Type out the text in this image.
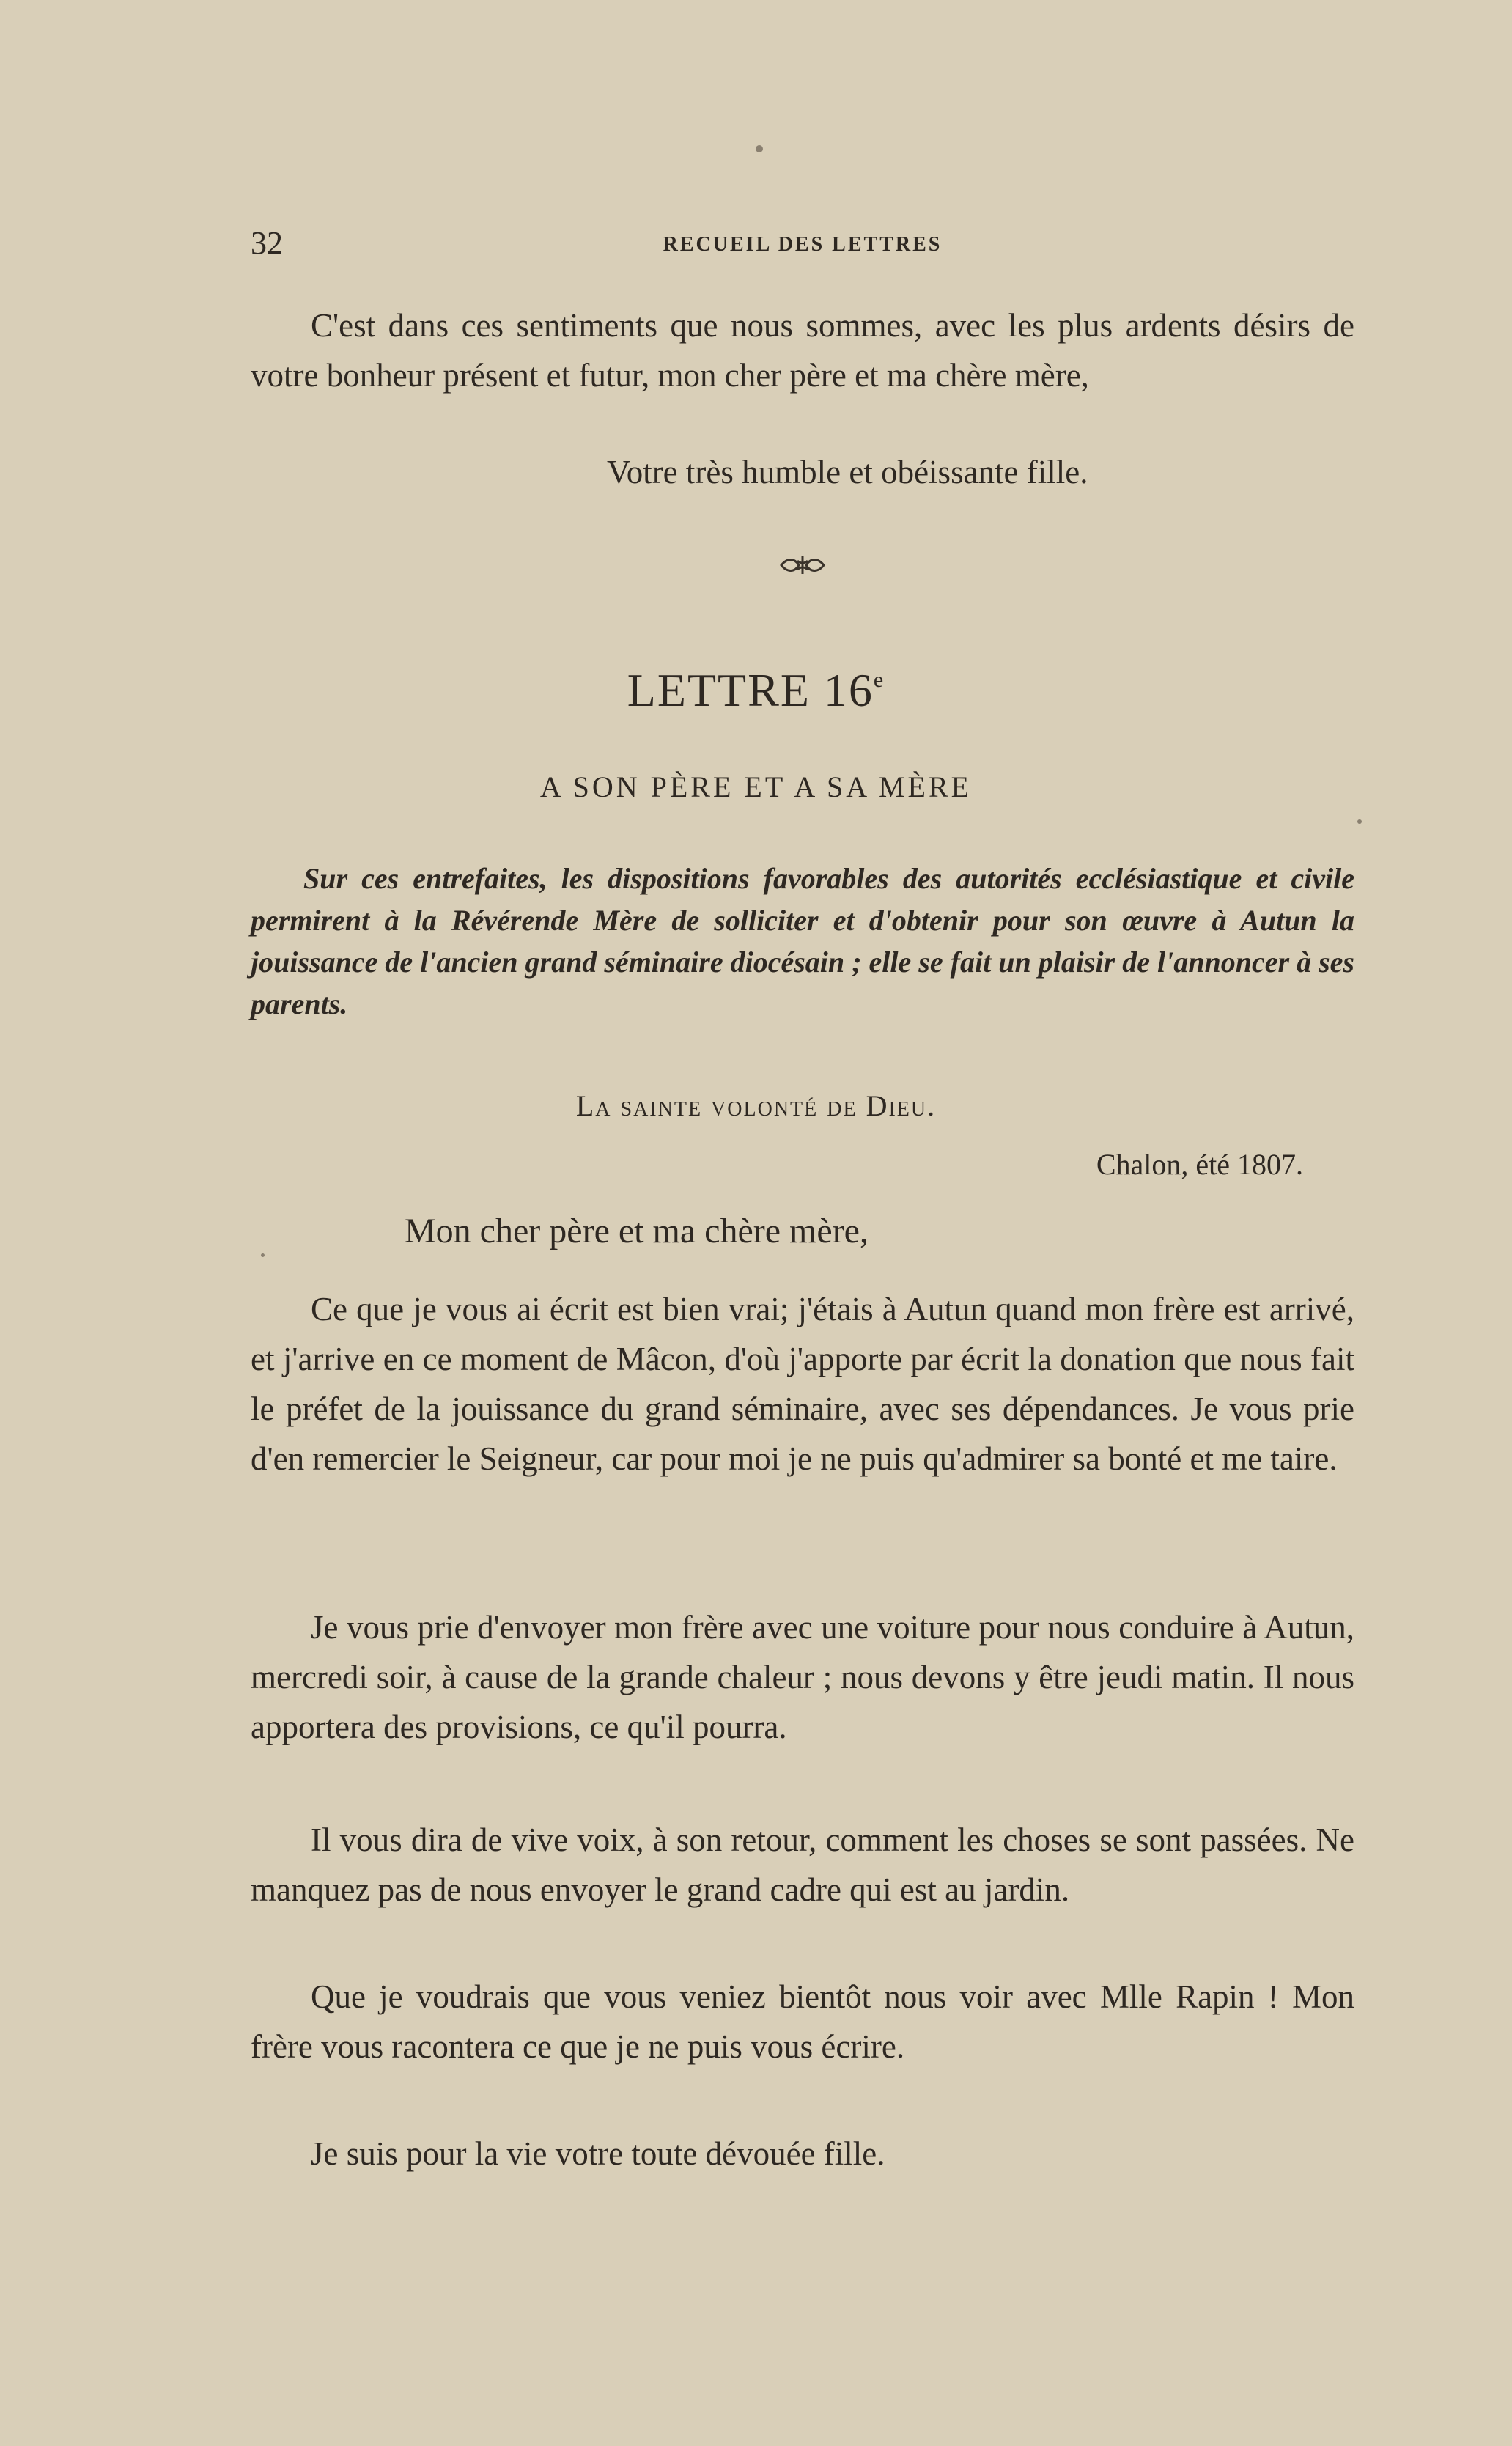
32	RECUEIL DES LETTRES

C'est dans ces sentiments que nous sommes, avec les plus ardents désirs de votre bonheur présent et futur, mon cher père et ma chère mère,

Votre très humble et obéissante fille.
LETTRE 16e
A SON PÈRE ET A SA MÈRE

Sur ces entrefaites, les dispositions favorables des autorités ecclésiastique et civile permirent à la Révérende Mère de solliciter et d'obtenir pour son œuvre à Autun la jouissance de l'ancien grand séminaire diocésain ; elle se fait un plaisir de l'annoncer à ses parents.

La sainte volonté de Dieu.
Chalon, été 1807.
Mon cher père et ma chère mère,

Ce que je vous ai écrit est bien vrai; j'étais à Autun quand mon frère est arrivé, et j'arrive en ce moment de Mâcon, d'où j'apporte par écrit la donation que nous fait le préfet de la jouissance du grand séminaire, avec ses dépendances. Je vous prie d'en remercier le Seigneur, car pour moi je ne puis qu'admirer sa bonté et me taire.

Je vous prie d'envoyer mon frère avec une voiture pour nous conduire à Autun, mercredi soir, à cause de la grande chaleur ; nous devons y être jeudi matin. Il nous apportera des provisions, ce qu'il pourra.

Il vous dira de vive voix, à son retour, comment les choses se sont passées. Ne manquez pas de nous envoyer le grand cadre qui est au jardin.

Que je voudrais que vous veniez bientôt nous voir avec Mlle Rapin ! Mon frère vous racontera ce que je ne puis vous écrire.

Je suis pour la vie votre toute dévouée fille.
